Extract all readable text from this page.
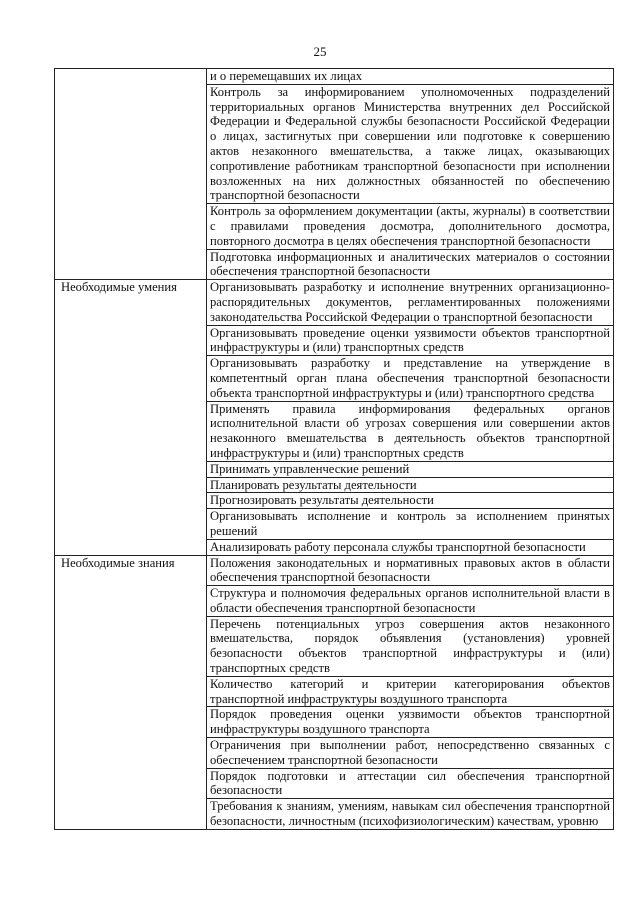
25
	и о перемещавших их лицах
	Контроль за информированием уполномоченных подразделений территориальных органов Министерства внутренних дел Российской Федерации и Федеральной службы безопасности Российской Федерации о лицах, застигнутых при совершении или подготовке к совершению актов незаконного вмешательства, а также лицах, оказывающих сопротивление работникам транспортной безопасности при исполнении возложенных на них должностных обязанностей по обеспечению транспортной безопасности
	Контроль за оформлением документации (акты, журналы) в соответствии с правилами проведения досмотра, дополнительного досмотра, повторного досмотра в целях обеспечения транспортной безопасности
	Подготовка информационных и аналитических материалов о состоянии обеспечения транспортной безопасности
Необходимые умения	Организовывать разработку и исполнение внутренних организационно-распорядительных документов, регламентированных положениями законодательства Российской Федерации о транспортной безопасности
	Организовывать проведение оценки уязвимости объектов транспортной инфраструктуры и (или) транспортных средств
	Организовывать разработку и представление на утверждение в компетентный орган плана обеспечения транспортной безопасности объекта транспортной инфраструктуры и (или) транспортного средства
	Применять правила информирования федеральных органов исполнительной власти об угрозах совершения или совершении актов незаконного вмешательства в деятельность объектов транспортной инфраструктуры и (или) транспортных средств
	Принимать управленческие решений
	Планировать результаты деятельности
	Прогнозировать результаты деятельности
	Организовывать исполнение и контроль за исполнением принятых решений
	Анализировать работу персонала службы транспортной безопасности
Необходимые знания	Положения законодательных и нормативных правовых актов в области обеспечения транспортной безопасности
	Структура и полномочия федеральных органов исполнительной власти в области обеспечения транспортной безопасности
	Перечень потенциальных угроз совершения актов незаконного вмешательства, порядок объявления (установления) уровней безопасности объектов транспортной инфраструктуры и (или) транспортных средств
	Количество категорий и критерии категорирования объектов транспортной инфраструктуры воздушного транспорта
	Порядок проведения оценки уязвимости объектов транспортной инфраструктуры воздушного транспорта
	Ограничения при выполнении работ, непосредственно связанных с обеспечением транспортной безопасности
	Порядок подготовки и аттестации сил обеспечения транспортной безопасности
	Требования к знаниям, умениям, навыкам сил обеспечения транспортной безопасности, личностным (психофизиологическим) качествам, уровню
